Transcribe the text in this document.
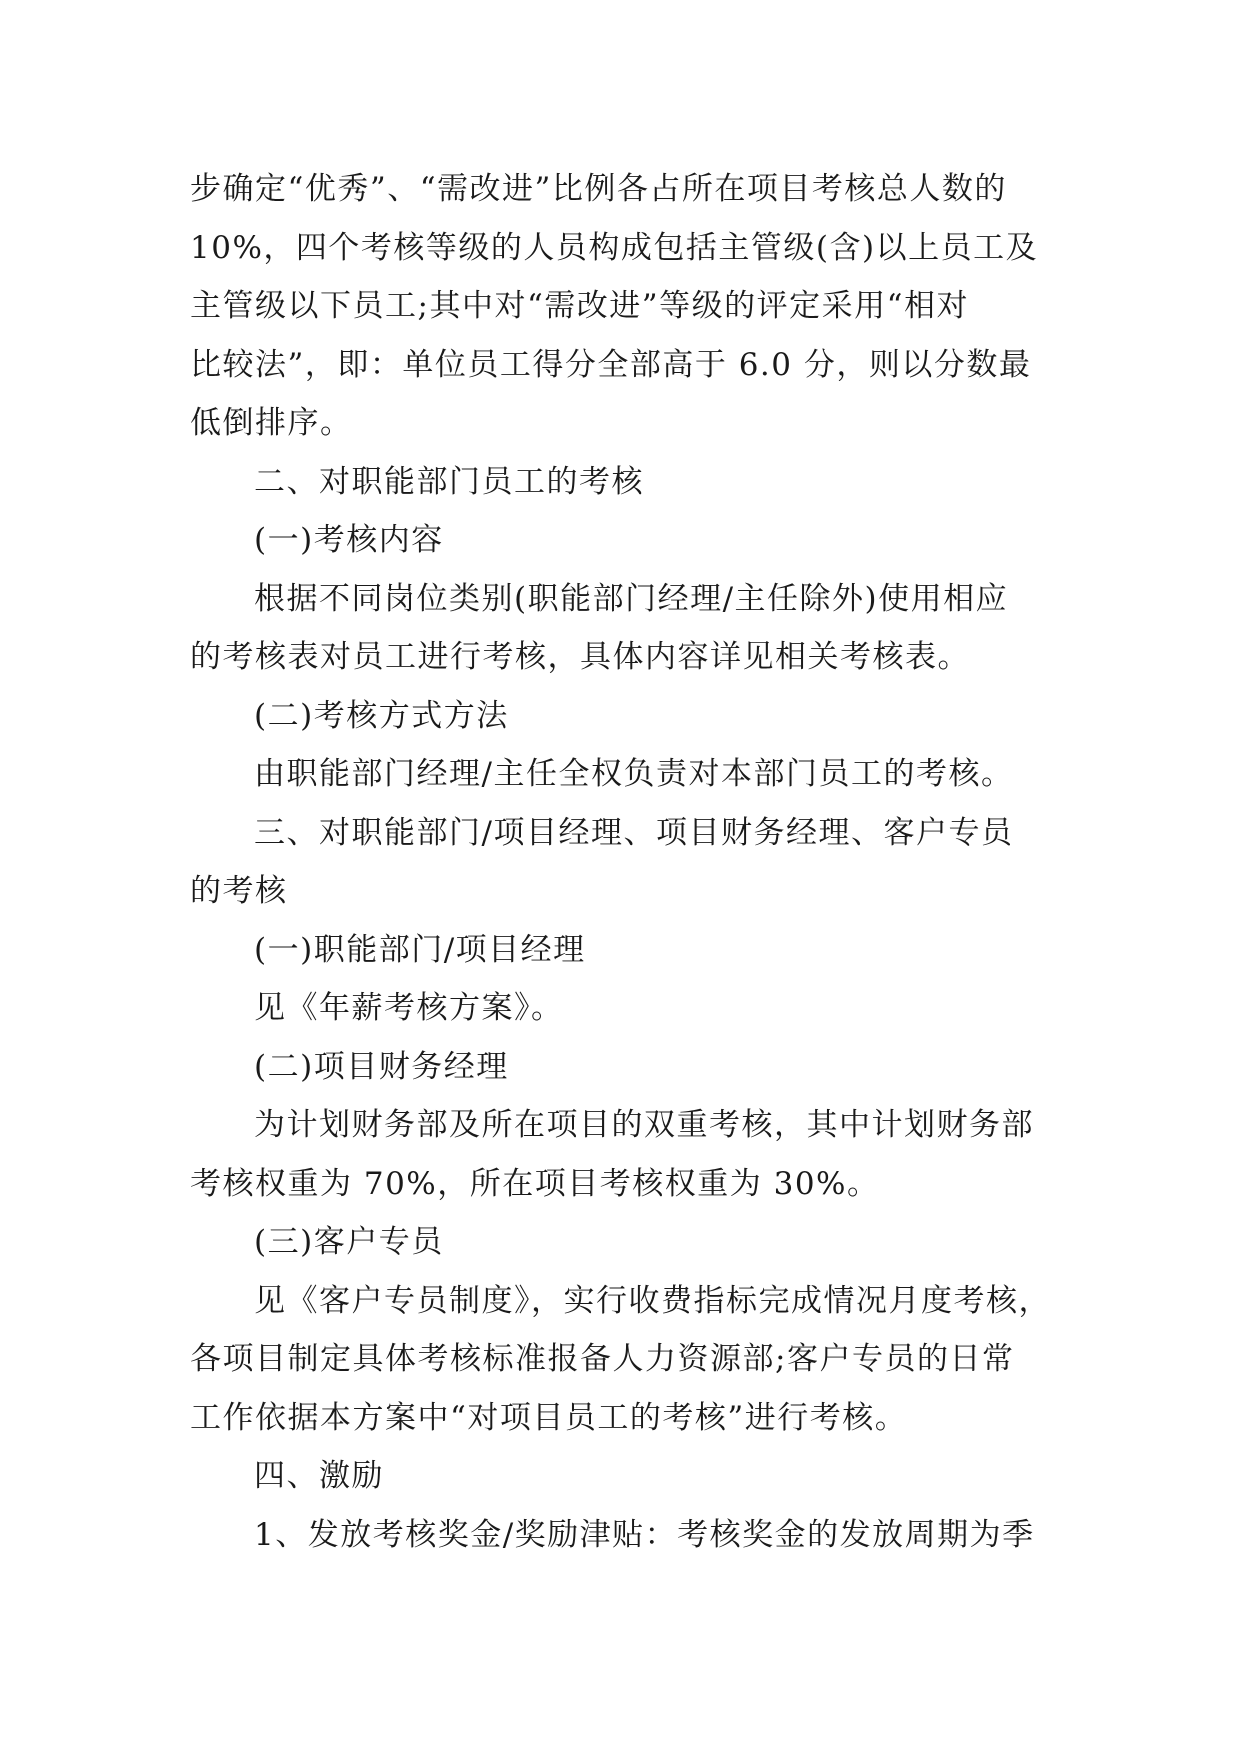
步确定“优秀”、“需改进”比例各占所在项目考核总人数的

10%，四个考核等级的人员构成包括主管级(含)以上员工及

主管级以下员工;其中对“需改进”等级的评定采用“相对

比较法”，即：单位员工得分全部高于 6.0 分，则以分数最

低倒排序。

二、对职能部门员工的考核

(一)考核内容

根据不同岗位类别(职能部门经理/主任除外)使用相应

的考核表对员工进行考核，具体内容详见相关考核表。

(二)考核方式方法

由职能部门经理/主任全权负责对本部门员工的考核。

三、对职能部门/项目经理、项目财务经理、客户专员

的考核

(一)职能部门/项目经理

见《年薪考核方案》。

(二)项目财务经理

为计划财务部及所在项目的双重考核，其中计划财务部

考核权重为 70%，所在项目考核权重为 30%。

(三)客户专员

见《客户专员制度》，实行收费指标完成情况月度考核，

各项目制定具体考核标准报备人力资源部;客户专员的日常

工作依据本方案中“对项目员工的考核”进行考核。

四、激励

1、发放考核奖金/奖励津贴：考核奖金的发放周期为季
